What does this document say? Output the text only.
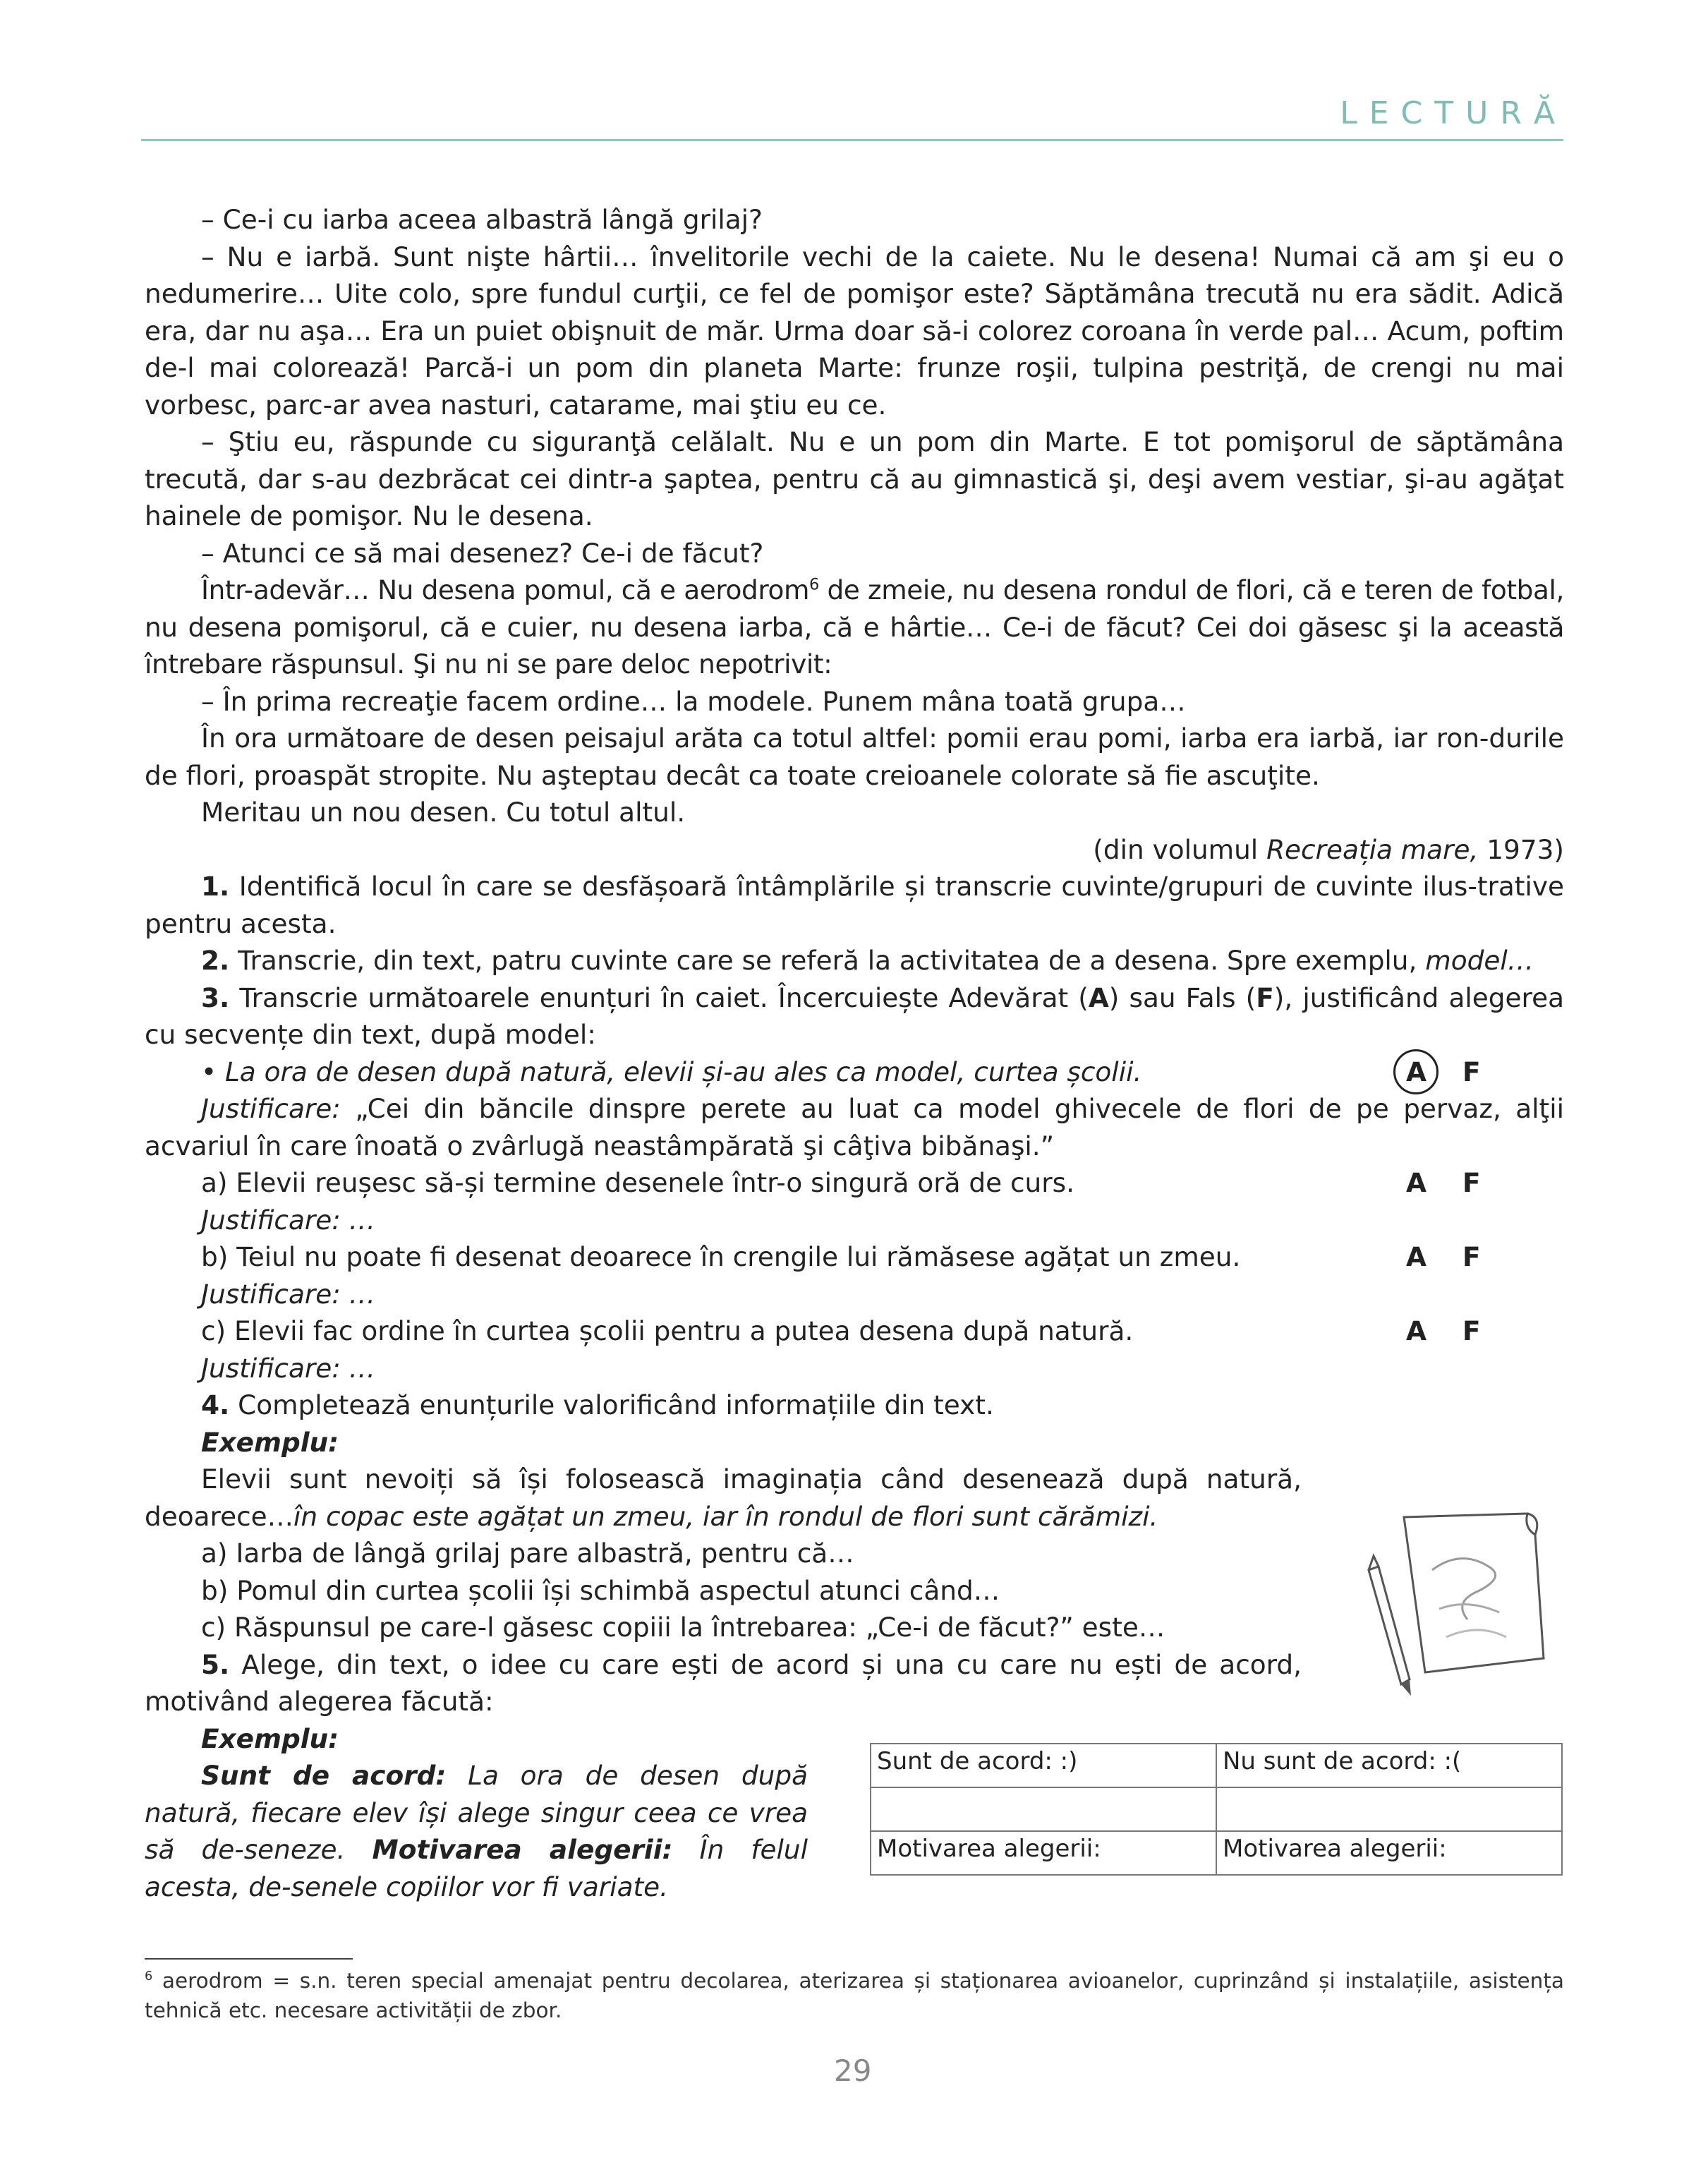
LECTURĂ

– Ce-i cu iarba aceea albastră lângă grilaj?

– Nu e iarbă. Sunt nişte hârtii… învelitorile vechi de la caiete. Nu le desena! Numai că am şi eu o nedumerire… Uite colo, spre fundul curţii, ce fel de pomişor este? Săptămâna trecută nu era sădit. Adică era, dar nu aşa… Era un puiet obişnuit de măr. Urma doar să-i colorez coroana în verde pal… Acum, poftim de-l mai colorează! Parcă-i un pom din planeta Marte: frunze roşii, tulpina pestriţă, de crengi nu mai vorbesc, parc-ar avea nasturi, catarame, mai ştiu eu ce.

– Ştiu eu, răspunde cu siguranţă celălalt. Nu e un pom din Marte. E tot pomişorul de săptămâna trecută, dar s-au dezbrăcat cei dintr-a şaptea, pentru că au gimnastică şi, deşi avem vestiar, şi-au agăţat hainele de pomişor. Nu le desena.

– Atunci ce să mai desenez? Ce-i de făcut?

Într-adevăr… Nu desena pomul, că e aerodrom$^6$ de zmeie, nu desena rondul de flori, că e teren de fotbal, nu desena pomişorul, că e cuier, nu desena iarba, că e hârtie… Ce-i de făcut? Cei doi găsesc şi la această întrebare răspunsul. Şi nu ni se pare deloc nepotrivit:

– În prima recreaţie facem ordine… la modele. Punem mâna toată grupa…

În ora următoare de desen peisajul arăta ca totul altfel: pomii erau pomi, iarba era iarbă, iar ron-durile de flori, proaspăt stropite. Nu aşteptau decât ca toate creioanele colorate să fie ascuţite.

Meritau un nou desen. Cu totul altul.

(din volumul Recreația mare, 1973)

1. Identifică locul în care se desfășoară întâmplările și transcrie cuvinte/grupuri de cuvinte ilus-trative pentru acesta.

2. Transcrie, din text, patru cuvinte care se referă la activitatea de a desena. Spre exemplu, model…

3. Transcrie următoarele enunțuri în caiet. Încercuiește Adevărat (A) sau Fals (F), justificând alegerea cu secvențe din text, după model:

• La ora de desen după natură, elevii și-au ales ca model, curtea școlii.	A F

Justificare: „Cei din băncile dinspre perete au luat ca model ghivecele de flori de pe pervaz, alţii acvariul în care înoată o zvârlugă neastâmpărată şi câţiva bibănaşi.”

a) Elevii reușesc să-și termine desenele într-o singură oră de curs.	A F
Justificare: …
b) Teiul nu poate fi desenat deoarece în crengile lui rămăsese agățat un zmeu.	A F
Justificare: …
c) Elevii fac ordine în curtea școlii pentru a putea desena după natură.	A F
Justificare: …

4. Completează enunțurile valorificând informațiile din text.

Exemplu:

Elevii sunt nevoiți să își folosească imaginația când desenează după natură, deoarece…în copac este agățat un zmeu, iar în rondul de flori sunt cărămizi.

a) Iarba de lângă grilaj pare albastră, pentru că…

b) Pomul din curtea școlii își schimbă aspectul atunci când…

c) Răspunsul pe care-l găsesc copiii la întrebarea: „Ce-i de făcut?” este…

5. Alege, din text, o idee cu care ești de acord și una cu care nu ești de acord, motivând alegerea făcută:

Exemplu:

Sunt de acord: La ora de desen după natură, fiecare elev își alege singur ceea ce vrea să de-seneze. Motivarea alegerii: În felul acesta, de-senele copiilor vor fi variate.

Sunt de acord: :)	Nu sunt de acord: :(

Motivarea alegerii:	Motivarea alegerii:
$^6$ aerodrom = s.n. teren special amenajat pentru decolarea, aterizarea și staționarea avioanelor, cuprinzând și instalațiile, asistența tehnică etc. necesare activității de zbor.
29
